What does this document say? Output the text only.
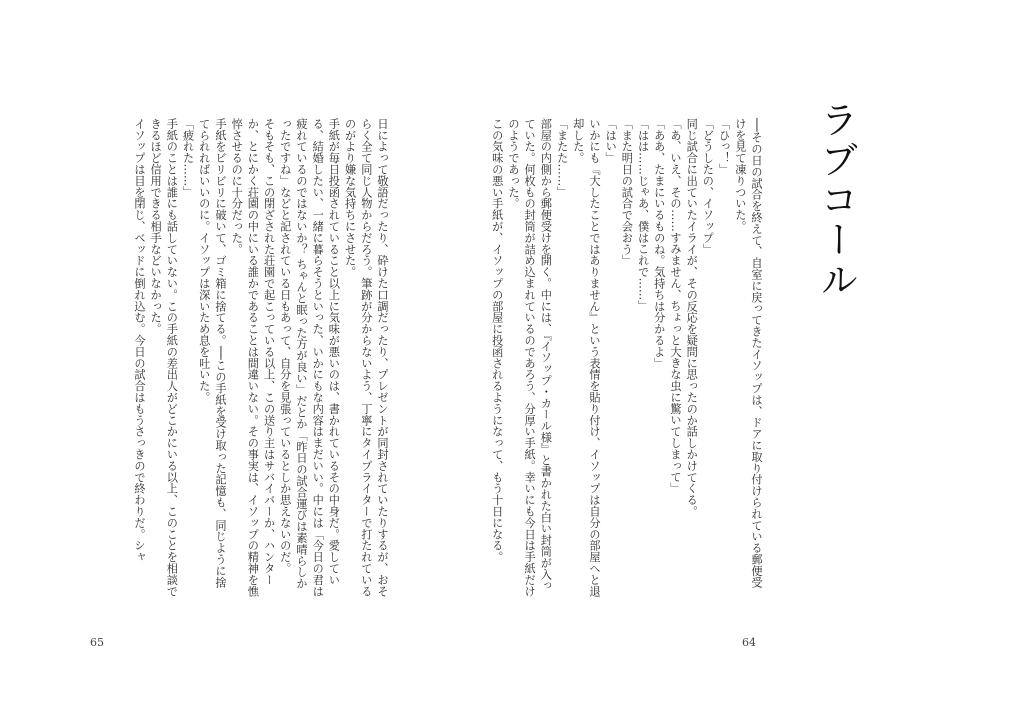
日によって敬語だったり、砕けた口調だったり、プレゼントが同封されていたりするが、おそらく全て同じ人物からだろう。筆跡が分からないよう、丁寧にタイプライターで打たれているのがより嫌な気持ちにさせた。

手紙が毎日投函されていること以上に気味が悪いのは、書かれているその中身だ。愛している、結婚したい、一緒に暮らそうといった、いかにもな内容はまだいい。中には「今日の君は疲れているのではないか？ ちゃんと眠った方が良い」だとか「昨日の試合運びは素晴らしかったですね」などと記されている日もあって、自分を見張っているとしか思えないのだ。

そもそも、この閉ざされた荘園で起こっている以上、この送り主はサバイバーか、ハンターか、とにかく荘園の中にいる誰かであることは間違いない。その事実は、イソップの精神を憔悴させるのに十分だった。

手紙をビリビリに破いて、ゴミ箱に捨てる。──この手紙を受け取った記憶も、同じように捨てられればいいのに。イソップは深いため息を吐いた。

「疲れた……」

手紙のことは誰にも話していない。この手紙の差出人がどこかにいる以上、このことを相談できるほど信用できる相手などいなかった。

イソップは目を閉じ、ベッドに倒れ込む。今日の試合はもうさっきので終わりだ。シャ

65
ラブコール

──その日の試合を終えて、自室に戻ってきたイソップは、ドアに取り付けられている郵便受けを見て凍りついた。

「ひっ！」

「どうしたの、イソップ」

同じ試合に出ていたイライが、その反応を疑問に思ったのか話しかけてくる。

「あ、いえ、その……すみません、ちょっと大きな虫に驚いてしまって」

「ああ、たまにいるものね。気持ちは分かるよ」

「はは……じゃあ、僕はこれで……」

「また明日の試合で会おう」

「はい」

いかにも『大したことではありません』という表情を貼り付け、イソップは自分の部屋へと退却した。

「またた……」

部屋の内側から郵便受けを開く。中には、『イソップ・カール様』と書かれた白い封筒が入っていた。何枚もの封筒が詰め込まれているのであろう、分厚い手紙。幸いにも今日は手紙だけのようであった。

この気味の悪い手紙が、イソップの部屋に投函されるようになって、もう十日になる。

64
